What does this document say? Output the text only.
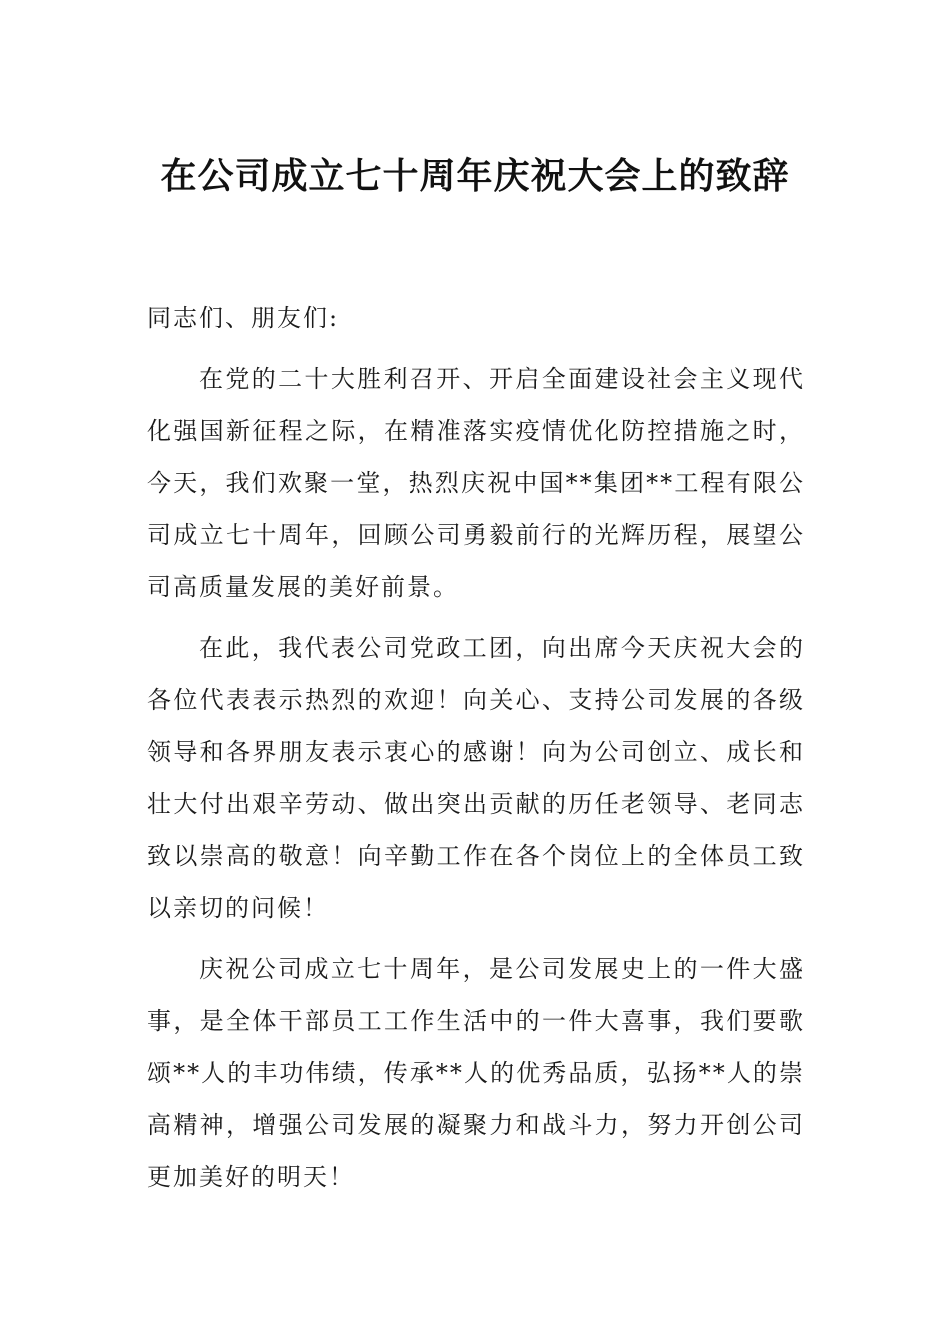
在公司成立七十周年庆祝大会上的致辞

同志们、朋友们:

在党的二十大胜利召开、开启全面建设社会主义现代化强国新征程之际，在精准落实疫情优化防控措施之时，今天，我们欢聚一堂，热烈庆祝中国**集团**工程有限公司成立七十周年，回顾公司勇毅前行的光辉历程，展望公司高质量发展的美好前景。

在此，我代表公司党政工团，向出席今天庆祝大会的各位代表表示热烈的欢迎！向关心、支持公司发展的各级领导和各界朋友表示衷心的感谢！向为公司创立、成长和壮大付出艰辛劳动、做出突出贡献的历任老领导、老同志致以崇高的敬意！向辛勤工作在各个岗位上的全体员工致以亲切的问候！

庆祝公司成立七十周年，是公司发展史上的一件大盛事，是全体干部员工工作生活中的一件大喜事，我们要歌颂**人的丰功伟绩，传承**人的优秀品质，弘扬**人的崇高精神，增强公司发展的凝聚力和战斗力，努力开创公司更加美好的明天！
